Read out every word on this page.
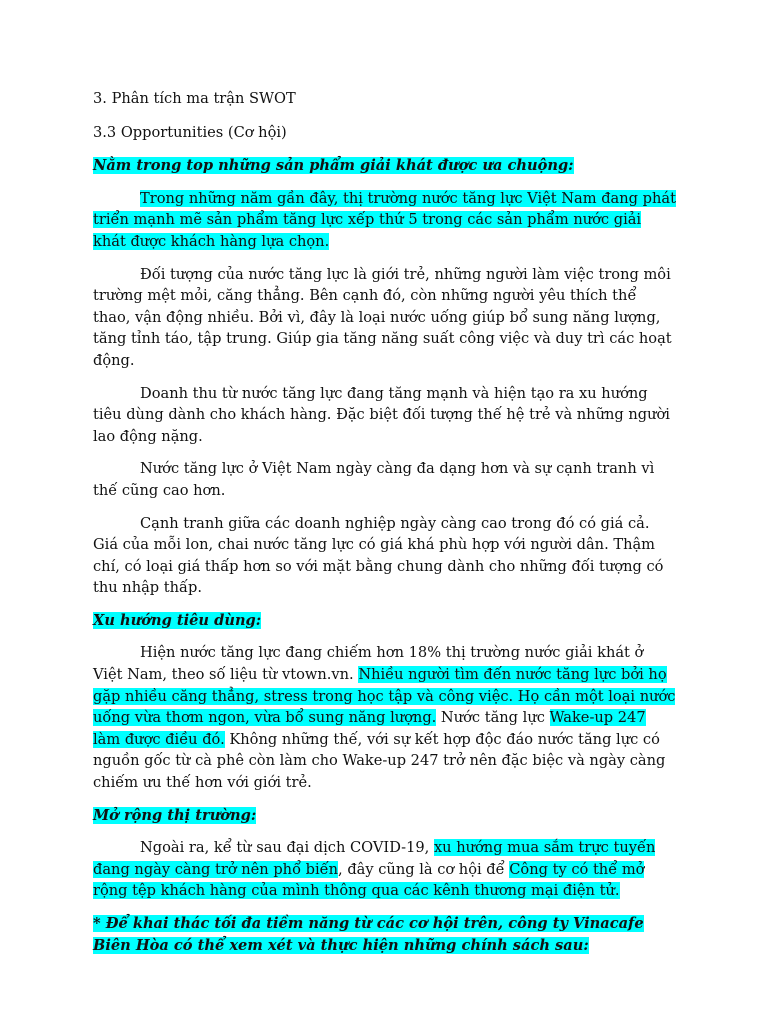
3. Phân tích ma trận SWOT

3.3 Opportunities (Cơ hội)

Nằm trong top những sản phẩm giải khát được ưa chuộng:

Trong những năm gần đây, thị trường nước tăng lực Việt Nam đang phát triển mạnh mẽ sản phẩm tăng lực xếp thứ 5 trong các sản phẩm nước giải khát được khách hàng lựa chọn.

Đối tượng của nước tăng lực là giới trẻ, những người làm việc trong môi trường mệt mỏi, căng thẳng. Bên cạnh đó, còn những người yêu thích thể thao, vận động nhiều. Bởi vì, đây là loại nước uống giúp bổ sung năng lượng, tăng tỉnh táo, tập trung. Giúp gia tăng năng suất công việc và duy trì các hoạt động.

Doanh thu từ nước tăng lực đang tăng mạnh và hiện tạo ra xu hướng tiêu dùng dành cho khách hàng. Đặc biệt đối tượng thế hệ trẻ và những người lao động nặng.

Nước tăng lực ở Việt Nam ngày càng đa dạng hơn và sự cạnh tranh vì thế cũng cao hơn.

Cạnh tranh giữa các doanh nghiệp ngày càng cao trong đó có giá cả. Giá của mỗi lon, chai nước tăng lực có giá khá phù hợp với người dân. Thậm chí, có loại giá thấp hơn so với mặt bằng chung dành cho những đối tượng có thu nhập thấp.

Xu hướng tiêu dùng:

Hiện nước tăng lực đang chiếm hơn 18% thị trường nước giải khát ở Việt Nam, theo số liệu từ vtown.vn. Nhiều người tìm đến nước tăng lực bởi họ gặp nhiều căng thẳng, stress trong học tập và công việc. Họ cần một loại nước uống vừa thơm ngon, vừa bổ sung năng lượng. Nước tăng lực Wake-up 247 làm được điều đó. Không những thế, với sự kết hợp độc đáo nước tăng lực có nguồn gốc từ cà phê còn làm cho Wake-up 247 trở nên đặc biệc và ngày càng chiếm ưu thế hơn với giới trẻ.

Mở rộng thị trường:

Ngoài ra, kể từ sau đại dịch COVID-19, xu hướng mua sắm trực tuyến đang ngày càng trở nên phổ biến, đây cũng là cơ hội để Công ty có thể mở rộng tệp khách hàng của mình thông qua các kênh thương mại điện tử.

* Để khai thác tối đa tiềm năng từ các cơ hội trên, công ty Vinacafe Biên Hòa có thể xem xét và thực hiện những chính sách sau:
